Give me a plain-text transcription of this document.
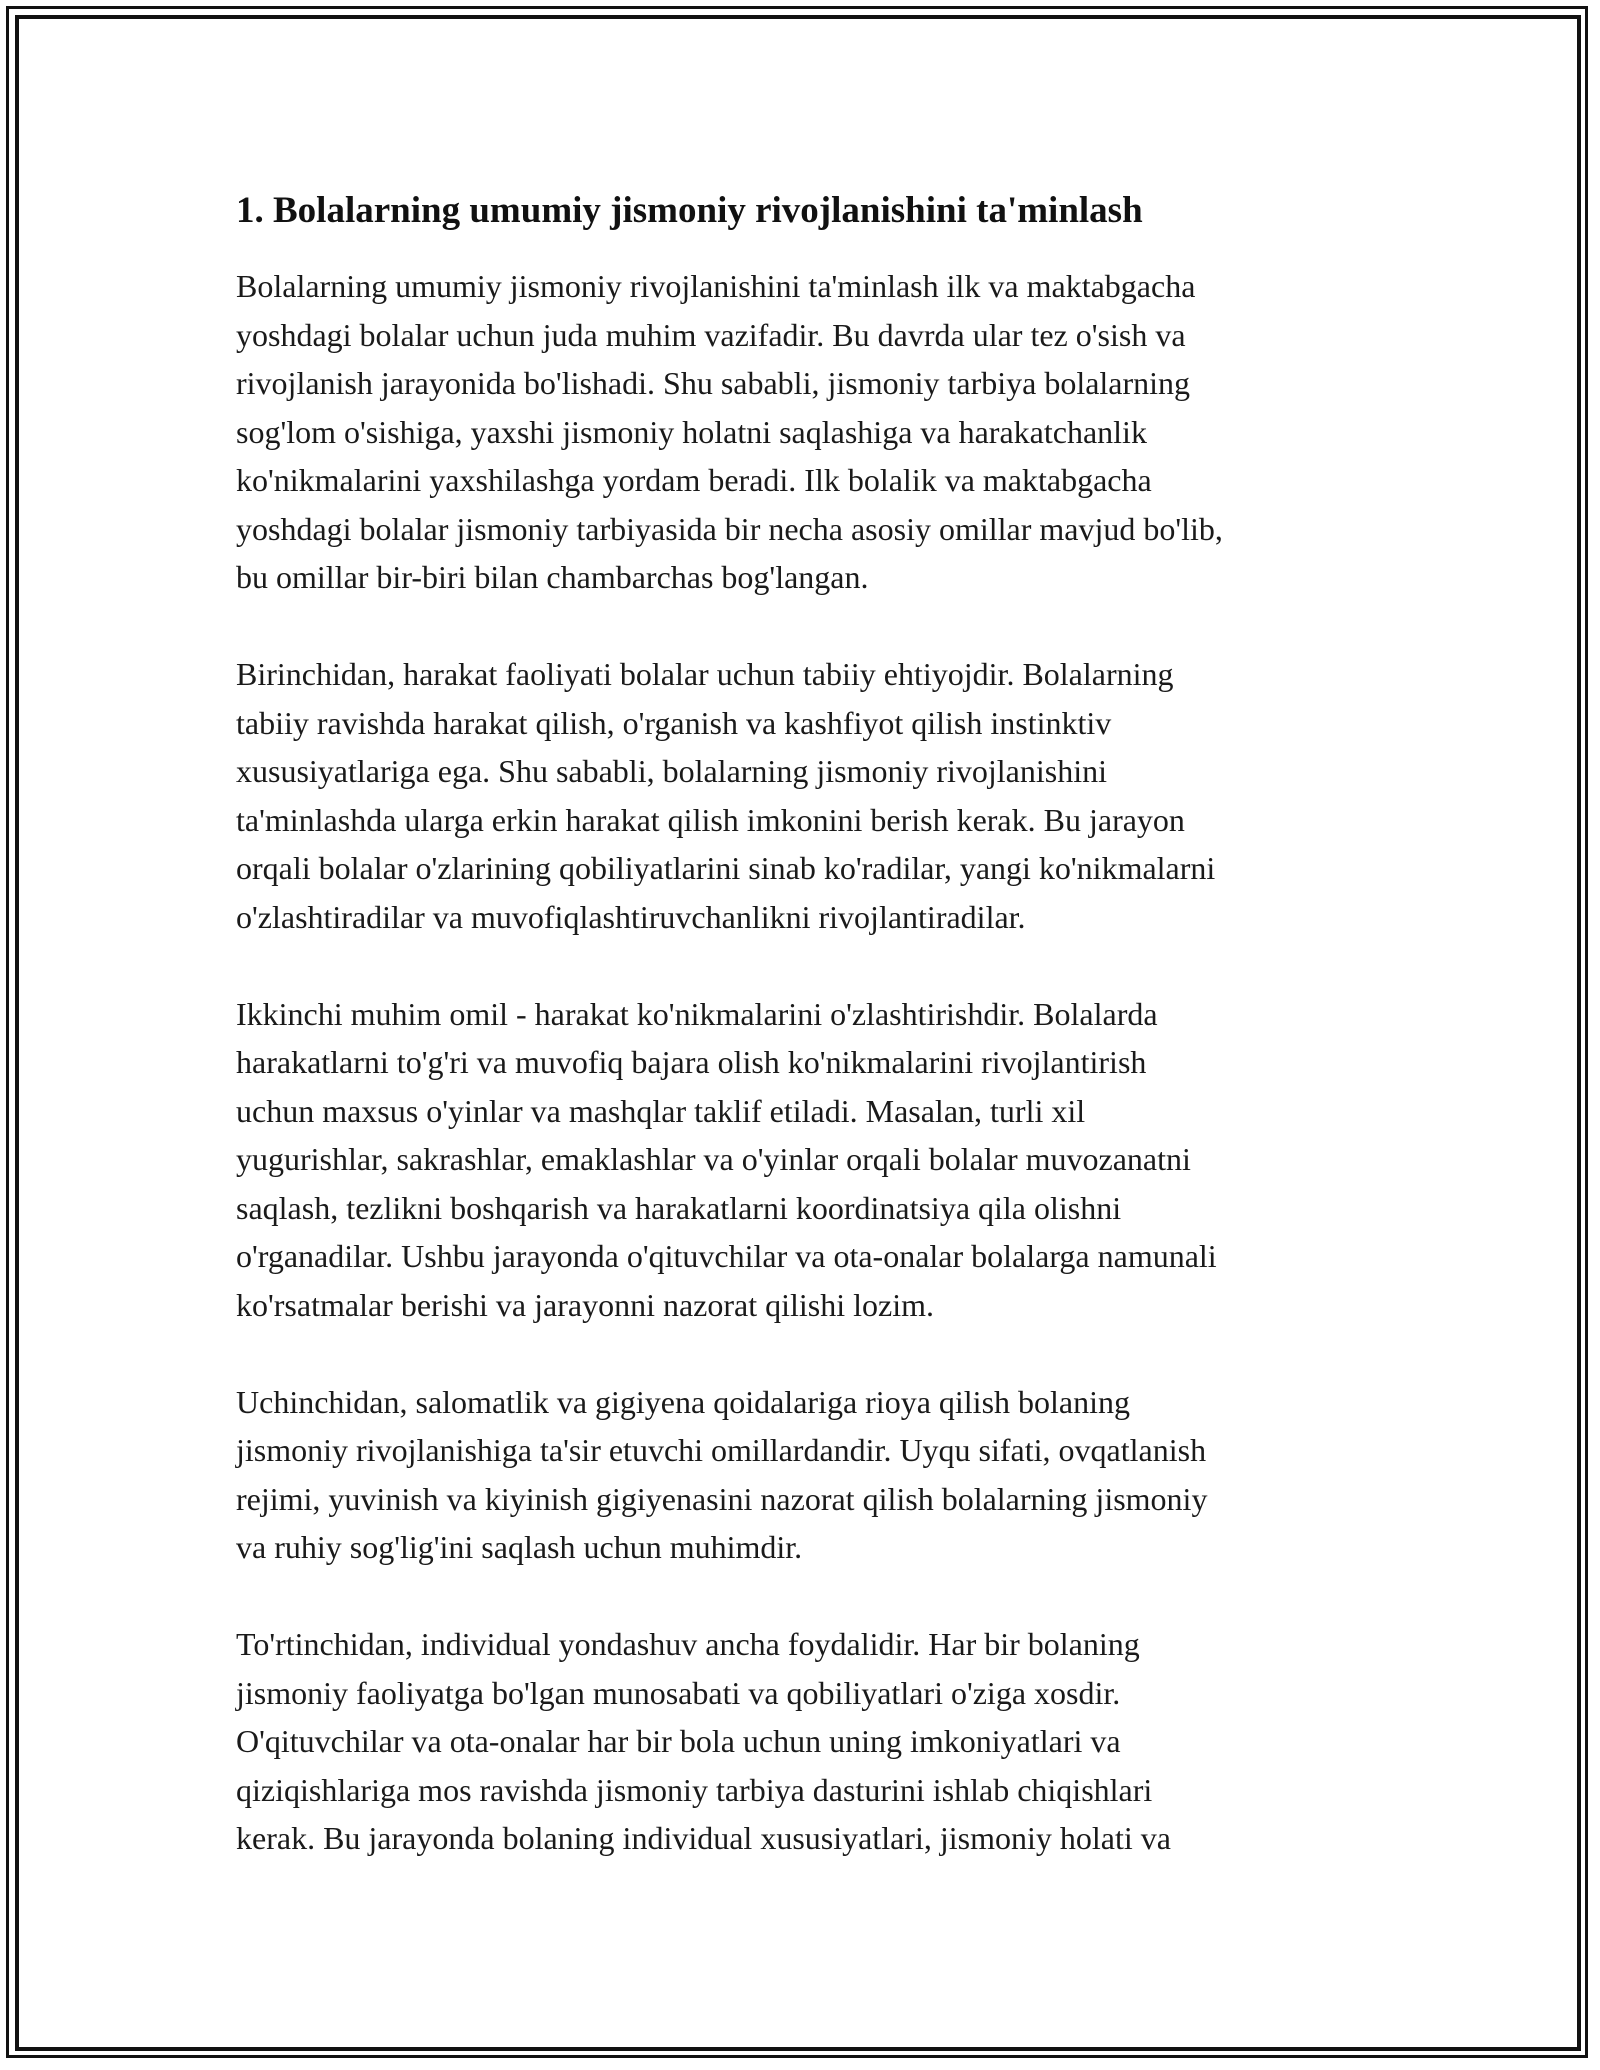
1. Bolalarning umumiy jismoniy rivojlanishini ta'minlash

Bolalarning umumiy jismoniy rivojlanishini ta'minlash ilk va maktabgacha
yoshdagi bolalar uchun juda muhim vazifadir. Bu davrda ular tez o'sish va
rivojlanish jarayonida bo'lishadi. Shu sababli, jismoniy tarbiya bolalarning
sog'lom o'sishiga, yaxshi jismoniy holatni saqlashiga va harakatchanlik
ko'nikmalarini yaxshilashga yordam beradi. Ilk bolalik va maktabgacha
yoshdagi bolalar jismoniy tarbiyasida bir necha asosiy omillar mavjud bo'lib,
bu omillar bir-biri bilan chambarchas bog'langan.

Birinchidan, harakat faoliyati bolalar uchun tabiiy ehtiyojdir. Bolalarning
tabiiy ravishda harakat qilish, o'rganish va kashfiyot qilish instinktiv
xususiyatlariga ega. Shu sababli, bolalarning jismoniy rivojlanishini
ta'minlashda ularga erkin harakat qilish imkonini berish kerak. Bu jarayon
orqali bolalar o'zlarining qobiliyatlarini sinab ko'radilar, yangi ko'nikmalarni
o'zlashtiradilar va muvofiqlashtiruvchanlikni rivojlantiradilar.

Ikkinchi muhim omil - harakat ko'nikmalarini o'zlashtirishdir. Bolalarda
harakatlarni to'g'ri va muvofiq bajara olish ko'nikmalarini rivojlantirish
uchun maxsus o'yinlar va mashqlar taklif etiladi. Masalan, turli xil
yugurishlar, sakrashlar, emaklashlar va o'yinlar orqali bolalar muvozanatni
saqlash, tezlikni boshqarish va harakatlarni koordinatsiya qila olishni
o'rganadilar. Ushbu jarayonda o'qituvchilar va ota-onalar bolalarga namunali
ko'rsatmalar berishi va jarayonni nazorat qilishi lozim.

Uchinchidan, salomatlik va gigiyena qoidalariga rioya qilish bolaning
jismoniy rivojlanishiga ta'sir etuvchi omillardandir. Uyqu sifati, ovqatlanish
rejimi, yuvinish va kiyinish gigiyenasini nazorat qilish bolalarning jismoniy
va ruhiy sog'lig'ini saqlash uchun muhimdir.

To'rtinchidan, individual yondashuv ancha foydalidir. Har bir bolaning
jismoniy faoliyatga bo'lgan munosabati va qobiliyatlari o'ziga xosdir.
O'qituvchilar va ota-onalar har bir bola uchun uning imkoniyatlari va
qiziqishlariga mos ravishda jismoniy tarbiya dasturini ishlab chiqishlari
kerak. Bu jarayonda bolaning individual xususiyatlari, jismoniy holati va
